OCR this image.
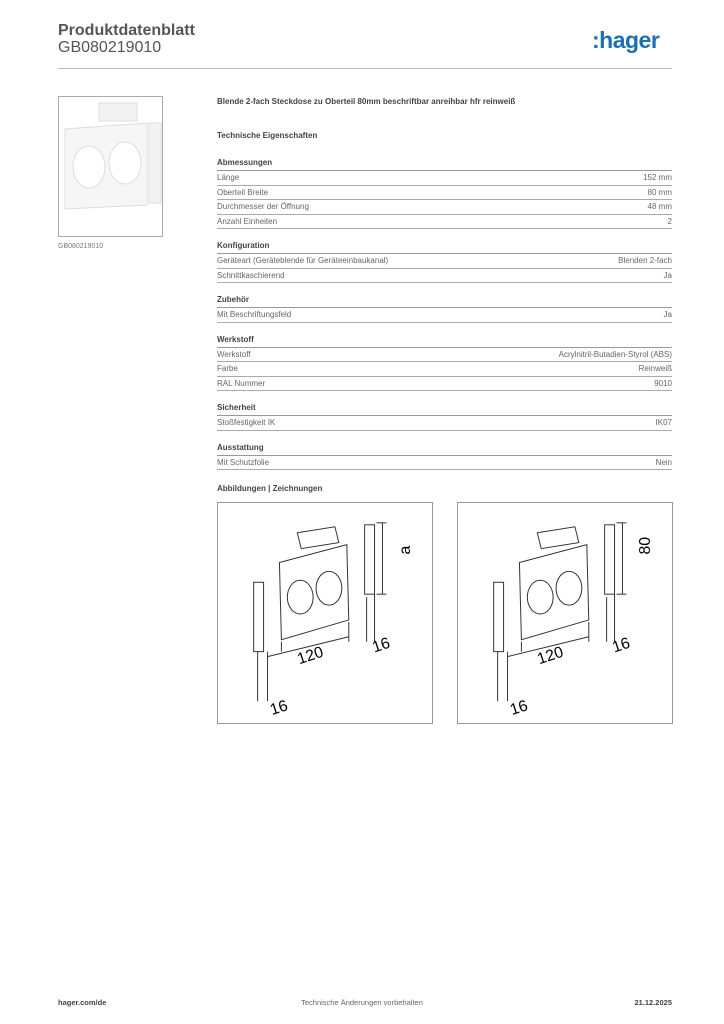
Produktdatenblatt
GB080219010	:hager
GB080219010
Blende 2-fach Steckdose zu Oberteil 80mm beschriftbar anreihbar hfr reinweiß
Technische Eigenschaften
Abmessungen
Länge	152 mm
Oberteil Breite	80 mm
Durchmesser der Öffnung	48 mm
Anzahl Einheiten	2
Konfiguration
Geräteart (Geräteblende für Geräteeinbaukanal)	Blenden 2-fach
Schnittkaschierend	Ja
Zubehör
Mit Beschriftungsfeld	Ja
Werkstoff
Werkstoff	Acrylnitril-Butadien-Styrol (ABS)
Farbe	Reinweiß
RAL Nummer	9010
Sicherheit
Stoßfestigkeit IK	IK07
Ausstattung
Mit Schutzfolie	Nein
Abbildungen | Zeichnungen
120	16
16
a
120	16
16
80
hager.com/de	Technische Änderungen vorbehalten	21.12.2025
